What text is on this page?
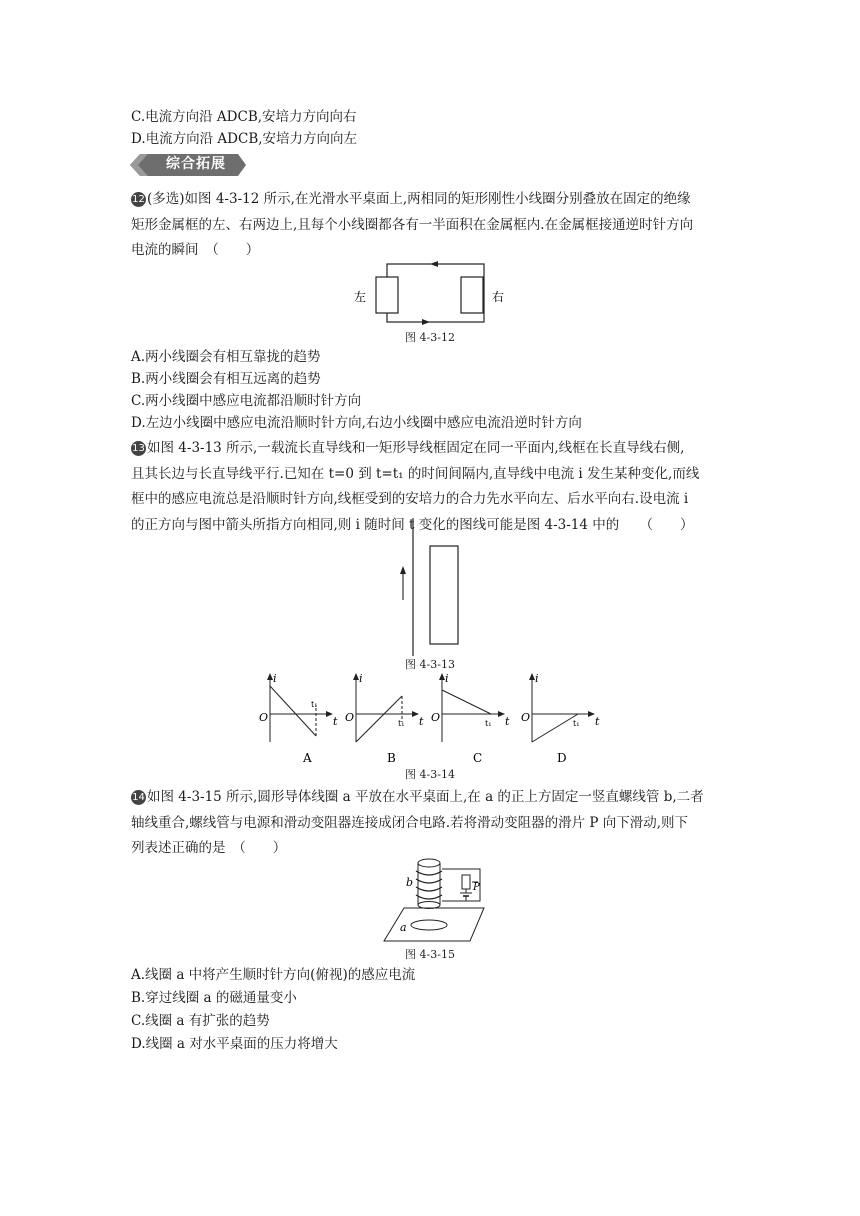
C.电流方向沿 ADCB,安培力方向向右
D.电流方向沿 ADCB,安培力方向向左
综合拓展
12 (多选)如图 4-3-12 所示,在光滑水平桌面上,两相同的矩形刚性小线圈分别叠放在固定的绝缘
矩形金属框的左、右两边上,且每个小线圈都各有一半面积在金属框内.在金属框接通逆时针方向
电流的瞬间　（　　）
左	右
图 4-3-12
A.两小线圈会有相互靠拢的趋势
B.两小线圈会有相互远离的趋势
C.两小线圈中感应电流都沿顺时针方向
D.左边小线圈中感应电流沿顺时针方向,右边小线圈中感应电流沿逆时针方向
13 如图 4-3-13 所示,一载流长直导线和一矩形导线框固定在同一平面内,线框在长直导线右侧,
且其长边与长直导线平行.已知在 t=0 到 t=t₁ 的时间间隔内,直导线中电流 i 发生某种变化,而线
框中的感应电流总是沿顺时针方向,线框受到的安培力的合力先水平向左、后水平向右.设电流 i
的正方向与图中箭头所指方向相同,则 i 随时间 t 变化的图线可能是图 4-3-14 中的　　（　　）
图 4-3-13
i
O
t₁
t
A
i
O	t₁ t
B
i
O	t₁ t
C
i
O	t₁ t
D
图 4-3-14
14 如图 4-3-15 所示,圆形导体线圈 a 平放在水平桌面上,在 a 的正上方固定一竖直螺线管 b,二者
轴线重合,螺线管与电源和滑动变阻器连接成闭合电路.若将滑动变阻器的滑片 P 向下滑动,则下
列表述正确的是　（　　）
b	P
a
图 4-3-15
A.线圈 a 中将产生顺时针方向(俯视)的感应电流
B.穿过线圈 a 的磁通量变小
C.线圈 a 有扩张的趋势
D.线圈 a 对水平桌面的压力将增大
